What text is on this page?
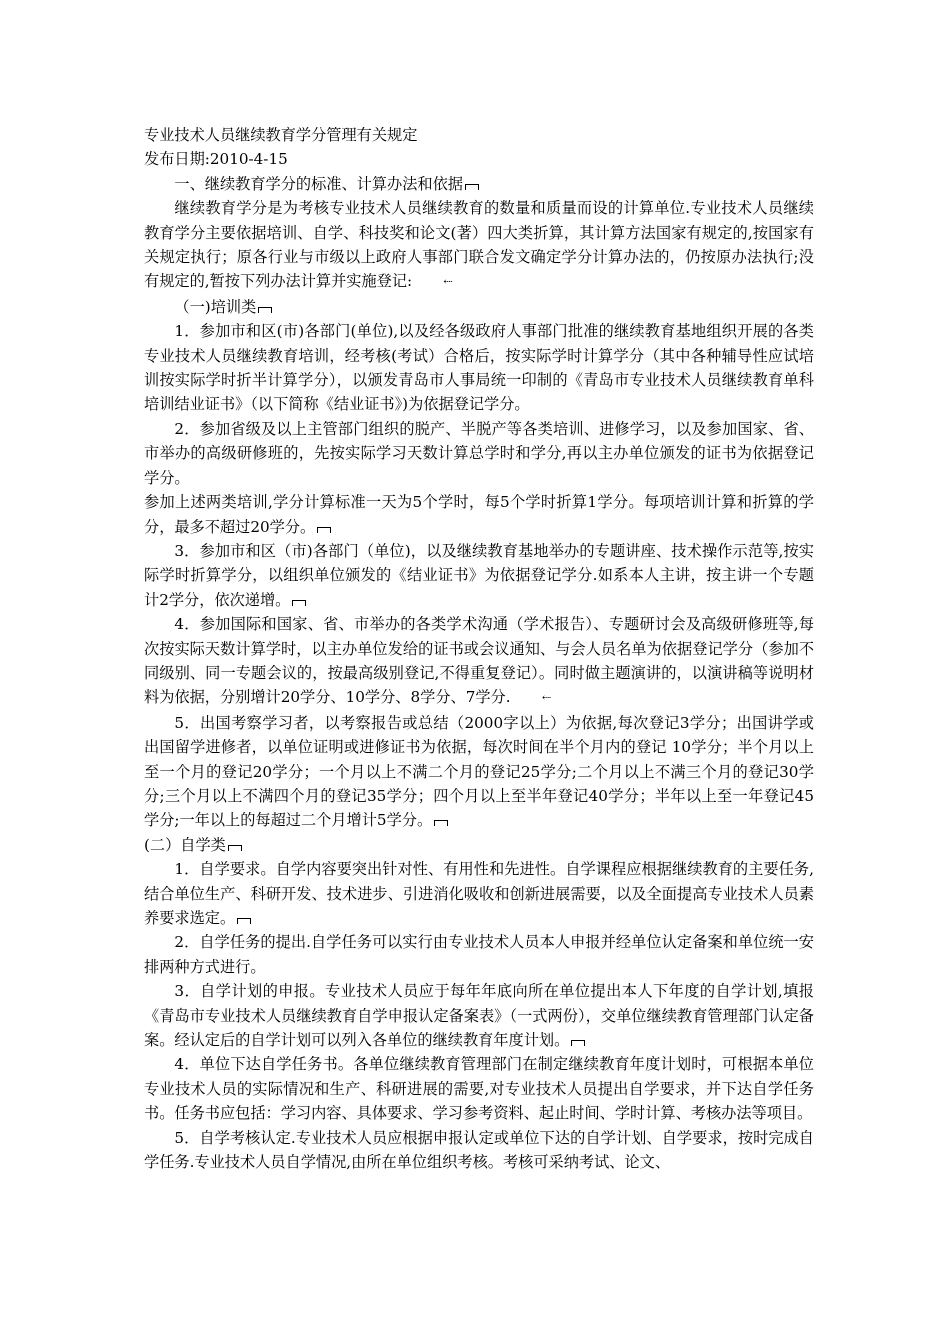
专业技术人员继续教育学分管理有关规定

发布日期:2010-4-15

一、继续教育学分的标准、计算办法和依据

继续教育学分是为考核专业技术人员继续教育的数量和质量而设的计算单位.专业技术人员继续教育学分主要依据培训、自学、科技奖和论文(著）四大类折算，其计算方法国家有规定的,按国家有关规定执行；原各行业与市级以上政府人事部门联合发文确定学分计算办法的，仍按原办法执行;没有规定的,暂按下列办法计算并实施登记:	⇠

（一)培训类

1．参加市和区(市)各部门(单位),以及经各级政府人事部门批准的继续教育基地组织开展的各类专业技术人员继续教育培训，经考核(考试）合格后，按实际学时计算学分（其中各种辅导性应试培训按实际学时折半计算学分），以颁发青岛市人事局统一印制的《青岛市专业技术人员继续教育单科培训结业证书》（以下简称《结业证书》)为依据登记学分。

2．参加省级及以上主管部门组织的脱产、半脱产等各类培训、进修学习，以及参加国家、省、市举办的高级研修班的，先按实际学习天数计算总学时和学分,再以主办单位颁发的证书为依据登记学分。

参加上述两类培训,学分计算标准一天为5个学时，每5个学时折算1学分。每项培训计算和折算的学分，最多不超过20学分。

3．参加市和区（市)各部门（单位)，以及继续教育基地举办的专题讲座、技术操作示范等,按实际学时折算学分，以组织单位颁发的《结业证书》为依据登记学分.如系本人主讲，按主讲一个专题计2学分，依次递增。

4．参加国际和国家、省、市举办的各类学术沟通（学术报告）、专题研讨会及高级研修班等,每次按实际天数计算学时，以主办单位发给的证书或会议通知、与会人员名单为依据登记学分（参加不同级别、同一专题会议的，按最高级别登记,不得重复登记）。同时做主题演讲的，以演讲稿等说明材料为依据，分别增计20学分、10学分、8学分、7学分.	⇠

5．出国考察学习者，以考察报告或总结（2000字以上）为依据,每次登记3学分；出国讲学或出国留学进修者，以单位证明或进修证书为依据，每次时间在半个月内的登记 10学分；半个月以上至一个月的登记20学分；一个月以上不满二个月的登记25学分;二个月以上不满三个月的登记30学分;三个月以上不满四个月的登记35学分；四个月以上至半年登记40学分；半年以上至一年登记45学分;一年以上的每超过二个月增计5学分。

(二）自学类

1．自学要求。自学内容要突出针对性、有用性和先进性。自学课程应根据继续教育的主要任务,结合单位生产、科研开发、技术进步、引进消化吸收和创新进展需要，以及全面提高专业技术人员素养要求选定。

2．自学任务的提出.自学任务可以实行由专业技术人员本人申报并经单位认定备案和单位统一安排两种方式进行。

3．自学计划的申报。专业技术人员应于每年年底向所在单位提出本人下年度的自学计划,填报《青岛市专业技术人员继续教育自学申报认定备案表》（一式两份），交单位继续教育管理部门认定备案。经认定后的自学计划可以列入各单位的继续教育年度计划。

4．单位下达自学任务书。各单位继续教育管理部门在制定继续教育年度计划时，可根据本单位专业技术人员的实际情况和生产、科研进展的需要,对专业技术人员提出自学要求，并下达自学任务书。任务书应包括：学习内容、具体要求、学习参考资料、起止时间、学时计算、考核办法等项目。

5．自学考核认定.专业技术人员应根据申报认定或单位下达的自学计划、自学要求，按时完成自学任务.专业技术人员自学情况,由所在单位组织考核。考核可采纳考试、论文、
